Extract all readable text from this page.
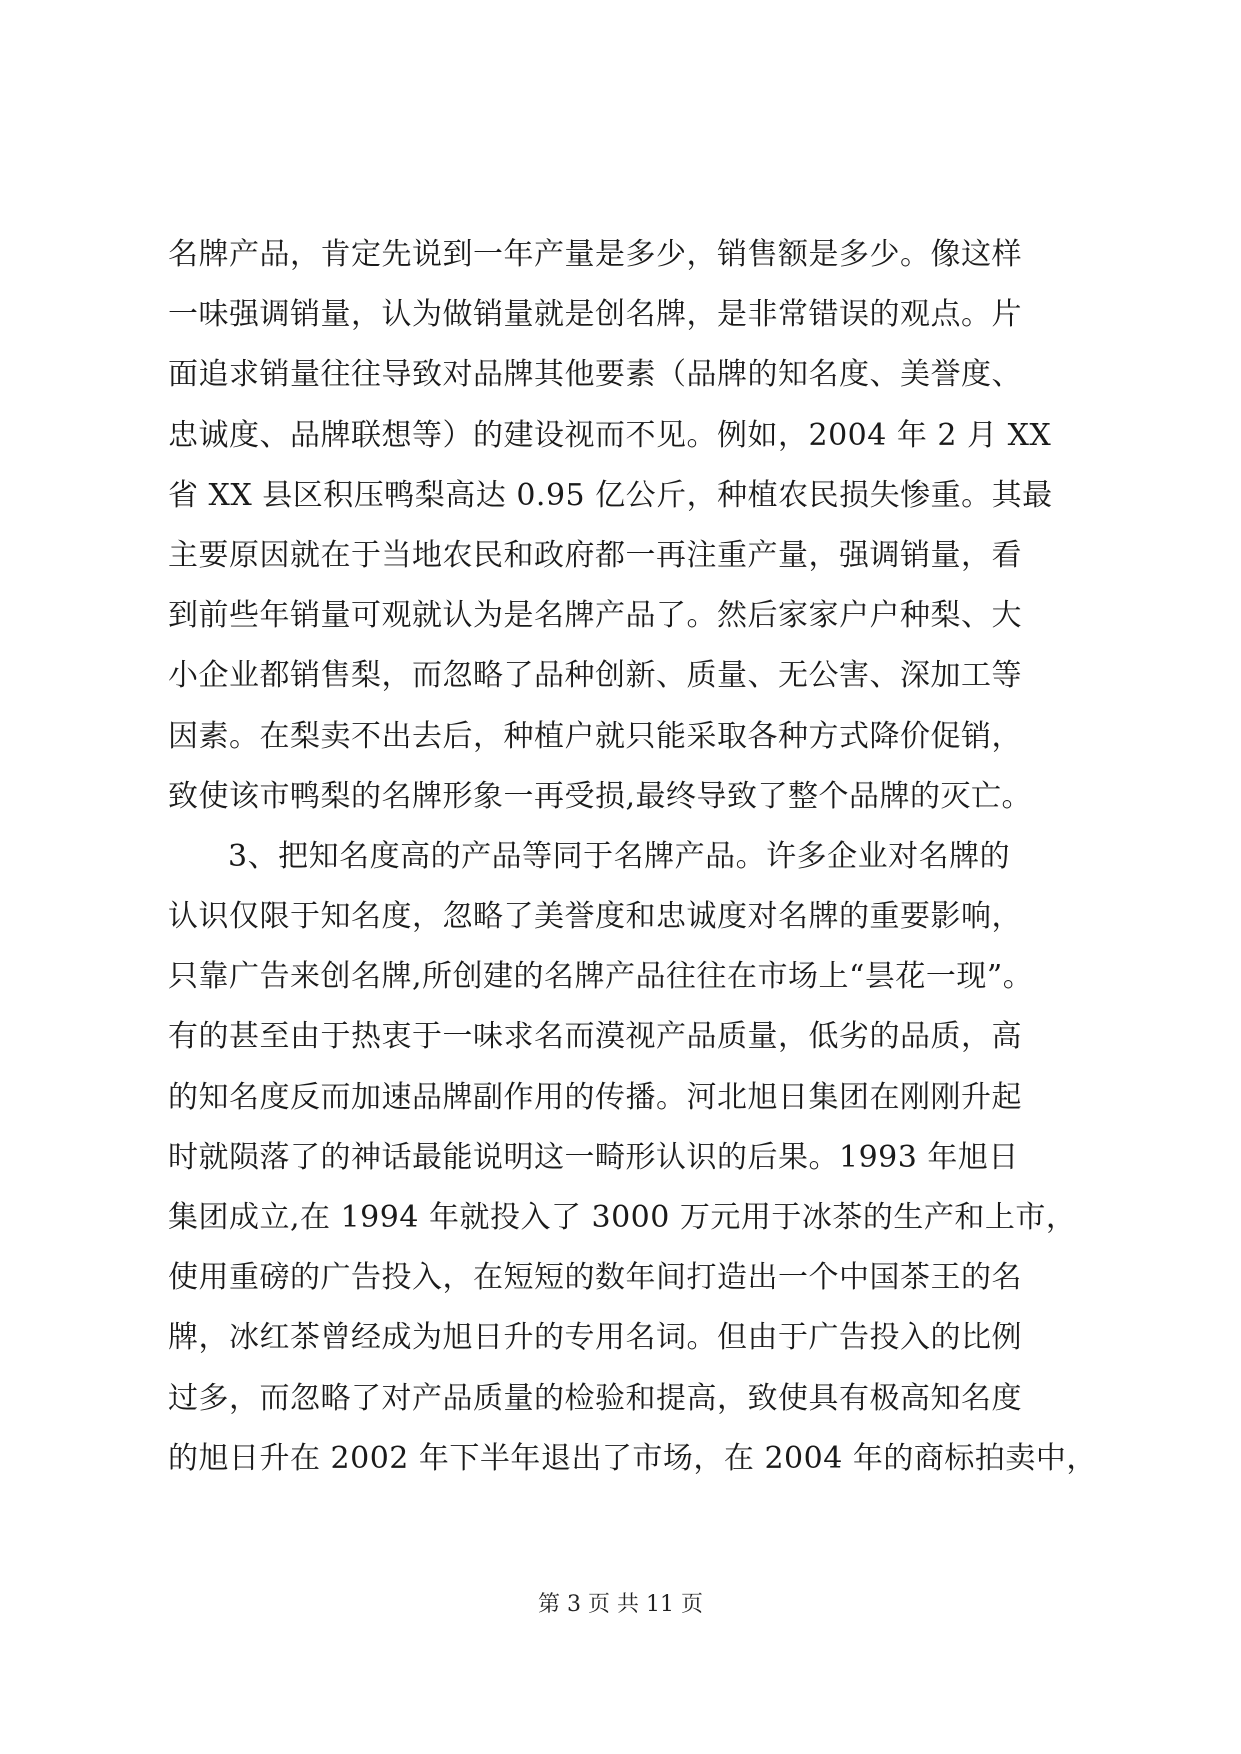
名牌产品，肯定先说到一年产量是多少，销售额是多少。像这样
一味强调销量，认为做销量就是创名牌，是非常错误的观点。片
面追求销量往往导致对品牌其他要素（品牌的知名度、美誉度、
忠诚度、品牌联想等）的建设视而不见。例如，2004 年 2 月 XX
省 XX 县区积压鸭梨高达 0.95 亿公斤，种植农民损失惨重。其最
主要原因就在于当地农民和政府都一再注重产量，强调销量，看
到前些年销量可观就认为是名牌产品了。然后家家户户种梨、大
小企业都销售梨，而忽略了品种创新、质量、无公害、深加工等
因素。在梨卖不出去后，种植户就只能采取各种方式降价促销，
致使该市鸭梨的名牌形象一再受损,最终导致了整个品牌的灭亡。
3、把知名度高的产品等同于名牌产品。许多企业对名牌的
认识仅限于知名度，忽略了美誉度和忠诚度对名牌的重要影响，
只靠广告来创名牌,所创建的名牌产品往往在市场上“昙花一现”。
有的甚至由于热衷于一味求名而漠视产品质量，低劣的品质，高
的知名度反而加速品牌副作用的传播。河北旭日集团在刚刚升起
时就陨落了的神话最能说明这一畸形认识的后果。1993 年旭日
集团成立,在 1994 年就投入了 3000 万元用于冰茶的生产和上市，
使用重磅的广告投入，在短短的数年间打造出一个中国茶王的名
牌，冰红茶曾经成为旭日升的专用名词。但由于广告投入的比例
过多，而忽略了对产品质量的检验和提高，致使具有极高知名度
的旭日升在 2002 年下半年退出了市场，在 2004 年的商标拍卖中，
第 3 页 共 11 页
